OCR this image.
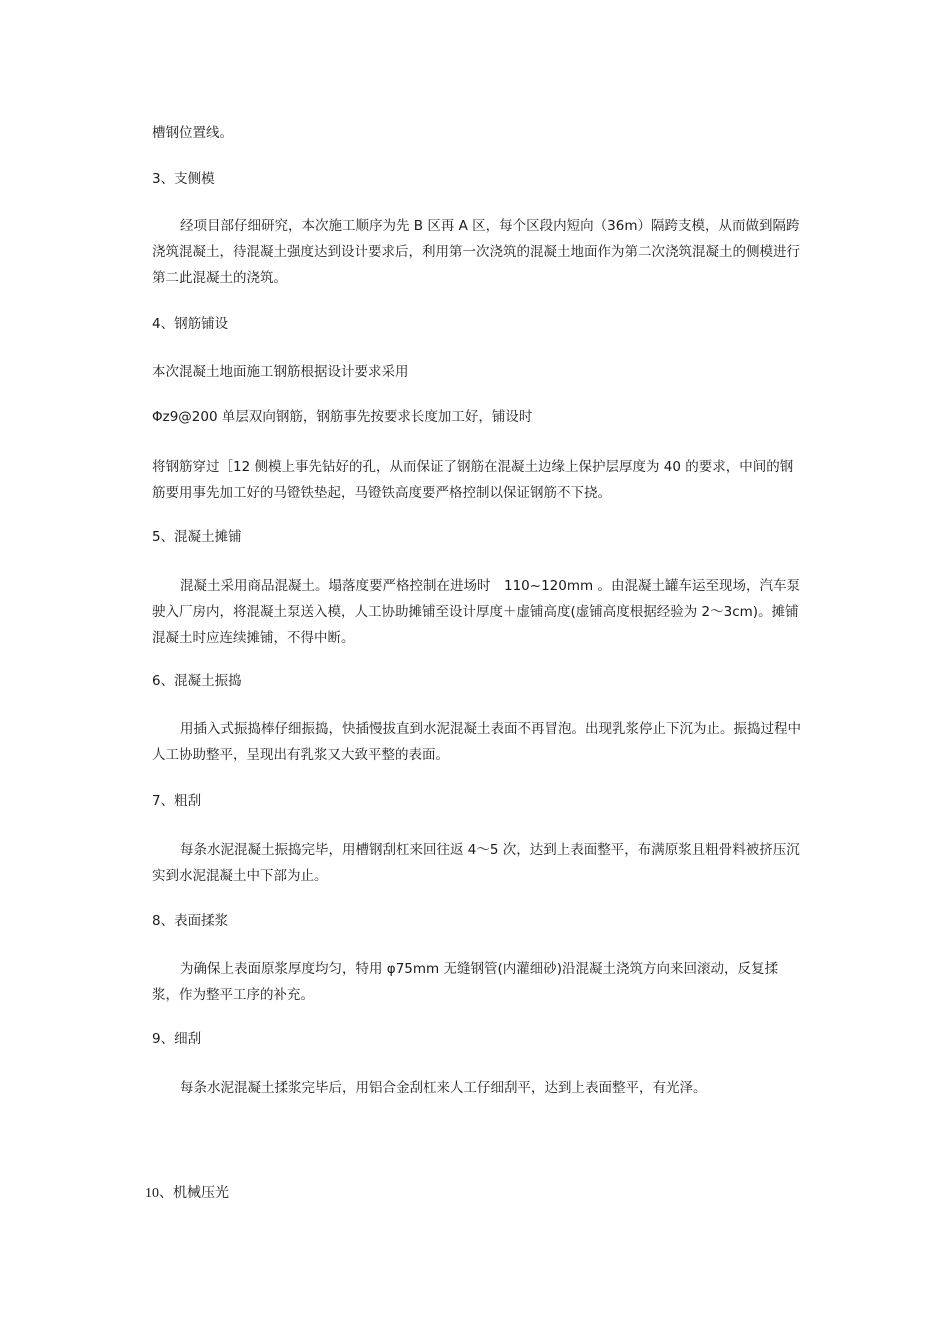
槽钢位置线。

3、支侧模

经项目部仔细研究，本次施工顺序为先 B 区再 A 区，每个区段内短向（36m）隔跨支模，从而做到隔跨浇筑混凝土，待混凝土强度达到设计要求后，利用第一次浇筑的混凝土地面作为第二次浇筑混凝土的侧模进行第二此混凝土的浇筑。

4、钢筋铺设

本次混凝土地面施工钢筋根据设计要求采用

Φz9@200 单层双向钢筋，钢筋事先按要求长度加工好，铺设时

将钢筋穿过［12 侧模上事先钻好的孔，从而保证了钢筋在混凝土边缘上保护层厚度为 40 的要求，中间的钢筋要用事先加工好的马镫铁垫起，马镫铁高度要严格控制以保证钢筋不下挠。

5、混凝土摊铺

混凝土采用商品混凝土。塌落度要严格控制在进场时　110~120mm 。由混凝土罐车运至现场，汽车泵驶入厂房内，将混凝土泵送入模，人工协助摊铺至设计厚度＋虚铺高度(虚铺高度根据经验为 2～3cm)。摊铺混凝土时应连续摊铺，不得中断。

6、混凝土振捣

用插入式振捣棒仔细振捣，快插慢拔直到水泥混凝土表面不再冒泡。出现乳浆停止下沉为止。振捣过程中人工协助整平，呈现出有乳浆又大致平整的表面。

7、粗刮

每条水泥混凝土振捣完毕，用槽钢刮杠来回往返 4～5 次，达到上表面整平，布满原浆且粗骨料被挤压沉实到水泥混凝土中下部为止。

8、表面揉浆

为确保上表面原浆厚度均匀，特用 φ75mm 无缝钢管(内灌细砂)沿混凝土浇筑方向来回滚动，反复揉浆，作为整平工序的补充。

9、细刮

每条水泥混凝土揉浆完毕后，用铝合金刮杠来人工仔细刮平，达到上表面整平，有光泽。

10、机械压光
